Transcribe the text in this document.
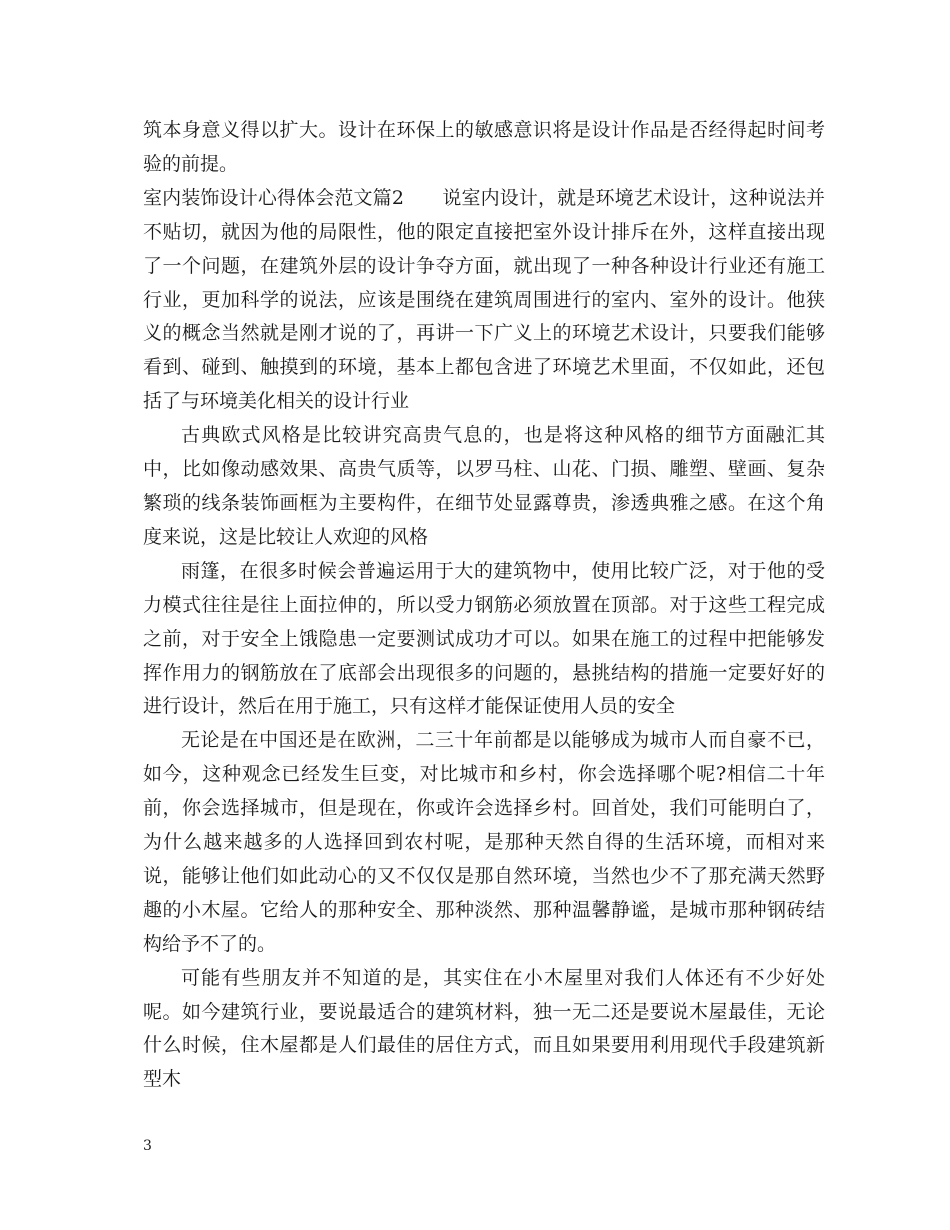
筑本身意义得以扩大。设计在环保上的敏感意识将是设计作品是否经得起时间考验的前提。

室内装饰设计心得体会范文篇2　　说室内设计，就是环境艺术设计，这种说法并不贴切，就因为他的局限性，他的限定直接把室外设计排斥在外，这样直接出现了一个问题，在建筑外层的设计争夺方面，就出现了一种各种设计行业还有施工行业，更加科学的说法，应该是围绕在建筑周围进行的室内、室外的设计。他狭义的概念当然就是刚才说的了，再讲一下广义上的环境艺术设计，只要我们能够看到、碰到、触摸到的环境，基本上都包含进了环境艺术里面，不仅如此，还包括了与环境美化相关的设计行业

古典欧式风格是比较讲究高贵气息的，也是将这种风格的细节方面融汇其中，比如像动感效果、高贵气质等，以罗马柱、山花、门损、雕塑、壁画、复杂繁琐的线条装饰画框为主要构件，在细节处显露尊贵，渗透典雅之感。在这个角度来说，这是比较让人欢迎的风格

雨篷，在很多时候会普遍运用于大的建筑物中，使用比较广泛，对于他的受力模式往往是往上面拉伸的，所以受力钢筋必须放置在顶部。对于这些工程完成之前，对于安全上饿隐患一定要测试成功才可以。如果在施工的过程中把能够发挥作用力的钢筋放在了底部会出现很多的问题的，悬挑结构的措施一定要好好的进行设计，然后在用于施工，只有这样才能保证使用人员的安全

无论是在中国还是在欧洲，二三十年前都是以能够成为城市人而自豪不已，如今，这种观念已经发生巨变，对比城市和乡村，你会选择哪个呢?相信二十年前，你会选择城市，但是现在，你或许会选择乡村。回首处，我们可能明白了，为什么越来越多的人选择回到农村呢，是那种天然自得的生活环境，而相对来说，能够让他们如此动心的又不仅仅是那自然环境，当然也少不了那充满天然野趣的小木屋。它给人的那种安全、那种淡然、那种温馨静谧，是城市那种钢砖结构给予不了的。

可能有些朋友并不知道的是，其实住在小木屋里对我们人体还有不少好处呢。如今建筑行业，要说最适合的建筑材料，独一无二还是要说木屋最佳，无论什么时候，住木屋都是人们最佳的居住方式，而且如果要用利用现代手段建筑新型木

3
